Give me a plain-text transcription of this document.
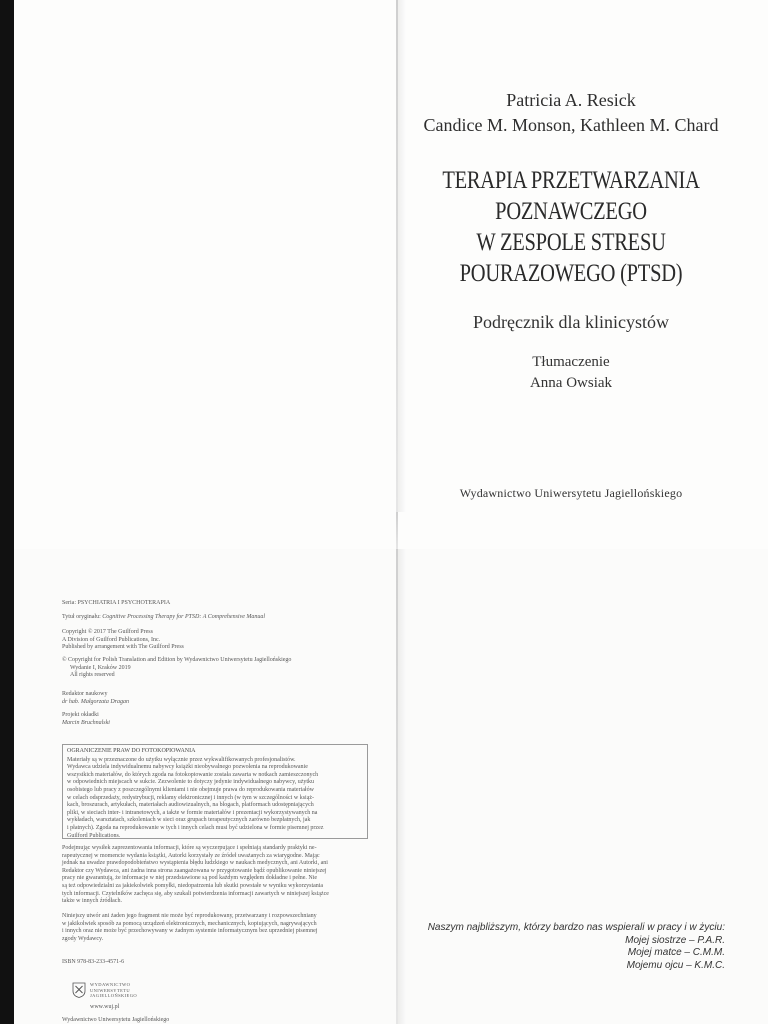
Patricia A. Resick
Candice M. Monson, Kathleen M. Chard
TERAPIA PRZETWARZANIA
POZNAWCZEGO
W ZESPOLE STRESU
POURAZOWEGO (PTSD)
Podręcznik dla klinicystów
Tłumaczenie
Anna Owsiak
Wydawnictwo Uniwersytetu Jagiellońskiego
Seria: PSYCHIATRIA I PSYCHOTERAPIA
Tytuł oryginału: Cognitive Processing Therapy for PTSD: A Comprehensive Manual
Copyright © 2017 The Guilford Press
A Division of Guilford Publications, Inc.
Published by arrangement with The Guilford Press
© Copyright for Polish Translation and Edition by Wydawnictwo Uniwersytetu Jagiellońskiego
Wydanie I, Kraków 2019
All rights reserved
Redaktor naukowy
dr hab. Małgorzata Dragan
Projekt okładki
Marcin Bruchnalski
OGRANICZENIE PRAW DO FOTOKOPIOWANIA
Materiały są w przeznaczone do użytku wyłącznie przez wykwalifikowanych profesjonalistów.
Wydawca udziela indywidualnemu nabywcy książki nieobywalnego pozwolenia na reprodukowanie
wszystkich materiałów, do których zgoda na fotokopiowanie została zawarta w notkach zamieszczonych
w odpowiednich miejscach w sukcie. Zezwolenie to dotyczy jedynie indywidualnego nabywcy, użytku
osobistego lub pracy z poszczególnymi klientami i nie obejmuje prawa do reprodukowania materiałów
w celach odsprzedaży, redystrybucji, reklamy elektronicznej i innych (w tym w szczególności w książ-
kach, broszurach, artykułach, materiałach audiowizualnych, na blogach, platformach udostępniających
pliki, w sieciach inter- i intranetowych, a także w formie materiałów i prezentacji wykorzystywanych na
wykładach, warsztatach, szkoleniach w sieci oraz grupach terapeutycznych zarówno bezpłatnych, jak
i płatnych). Zgoda na reprodukowanie w tych i innych celach musi być udzielona w formie pisemnej przez
Guilford Publications.
Podejmując wysiłek zaprezentowania informacji, które są wyczerpujące i spełniają standardy praktyki ne-
rapeutycznej w momencie wydania książki, Autorki korzystały ze źródeł uważanych za wiarygodne. Mając
jednak na uwadze prawdopodobieństwo wystąpienia błędu ludzkiego w naukach medycznych, ani Autorki, ani
Redaktor czy Wydawca, ani żadna inna strona zaangażowana w przygotowanie bądź opublikowanie niniejszej
pracy nie gwarantują, że informacje w niej przedstawione są pod każdym względem dokładne i pełne. Nie
są też odpowiedzialni za jakiekolwiek pomyłki, niedopatrzenia lub skutki powstałe w wyniku wykorzystania
tych informacji. Czytelników zachęca się, aby szukali potwierdzenia informacji zawartych w niniejszej książce
także w innych źródłach.
Niniejszy utwór ani żaden jego fragment nie może być reprodukowany, przetwarzany i rozpowszechniany
w jakikolwiek sposób za pomocą urządzeń elektronicznych, mechanicznych, kopiujących, nagrywających
i innych oraz nie może być przechowywany w żadnym systemie informatycznym bez uprzedniej pisemnej
zgody Wydawcy.
ISBN 978-83-233-4571-6
WYDAWNICTWO
UNIWERSYTETU
JAGIELLOŃSKIEGO
www.wuj.pl
Wydawnictwo Uniwersytetu Jagiellońskiego
Naszym najbliższym, którzy bardzo nas wspierali w pracy i w życiu:
Mojej siostrze – P.A.R.
Mojej matce – C.M.M.
Mojemu ojcu – K.M.C.
